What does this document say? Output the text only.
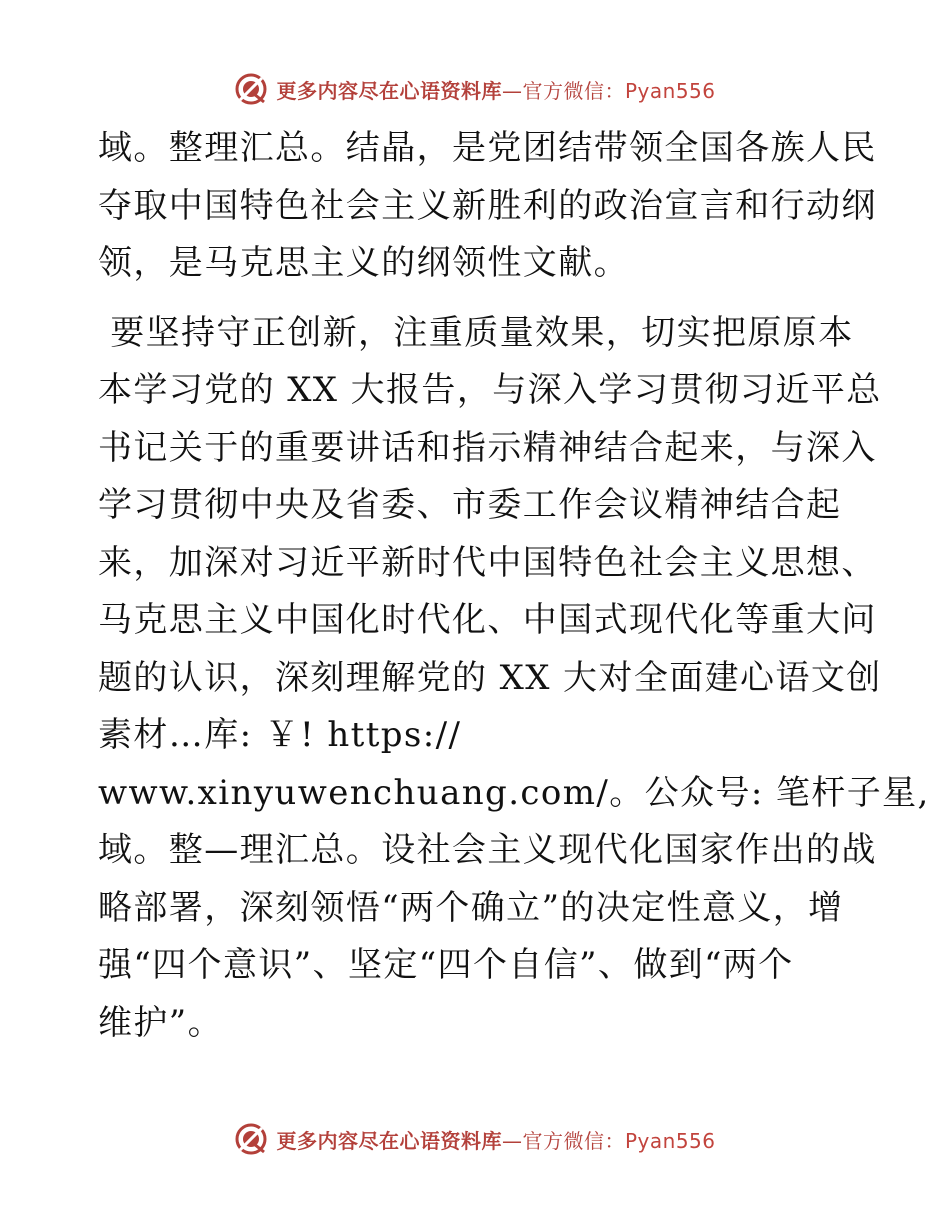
更多内容尽在心语资料库—官方微信：Pyan556

域。整理汇总。结晶，是党团结带领全国各族人民
夺取中国特色社会主义新胜利的政治宣言和行动纲
领，是马克思主义的纲领性文献。

要坚持守正创新，注重质量效果，切实把原原本
本学习党的 XX 大报告，与深入学习贯彻习近平总
书记关于的重要讲话和指示精神结合起来，与深入
学习贯彻中央及省委、市委工作会议精神结合起
来，加深对习近平新时代中国特色社会主义思想、
马克思主义中国化时代化、中国式现代化等重大问
题的认识，深刻理解党的 XX 大对全面建心语文创
素材…库: ￥! https://
www.xinyuwenchuang.com/。公众号: 笔杆子星,
域。整—理汇总。设社会主义现代化国家作出的战
略部署，深刻领悟“两个确立”的决定性意义，增
强“四个意识”、坚定“四个自信”、做到“两个
维护”。

更多内容尽在心语资料库—官方微信：Pyan556
